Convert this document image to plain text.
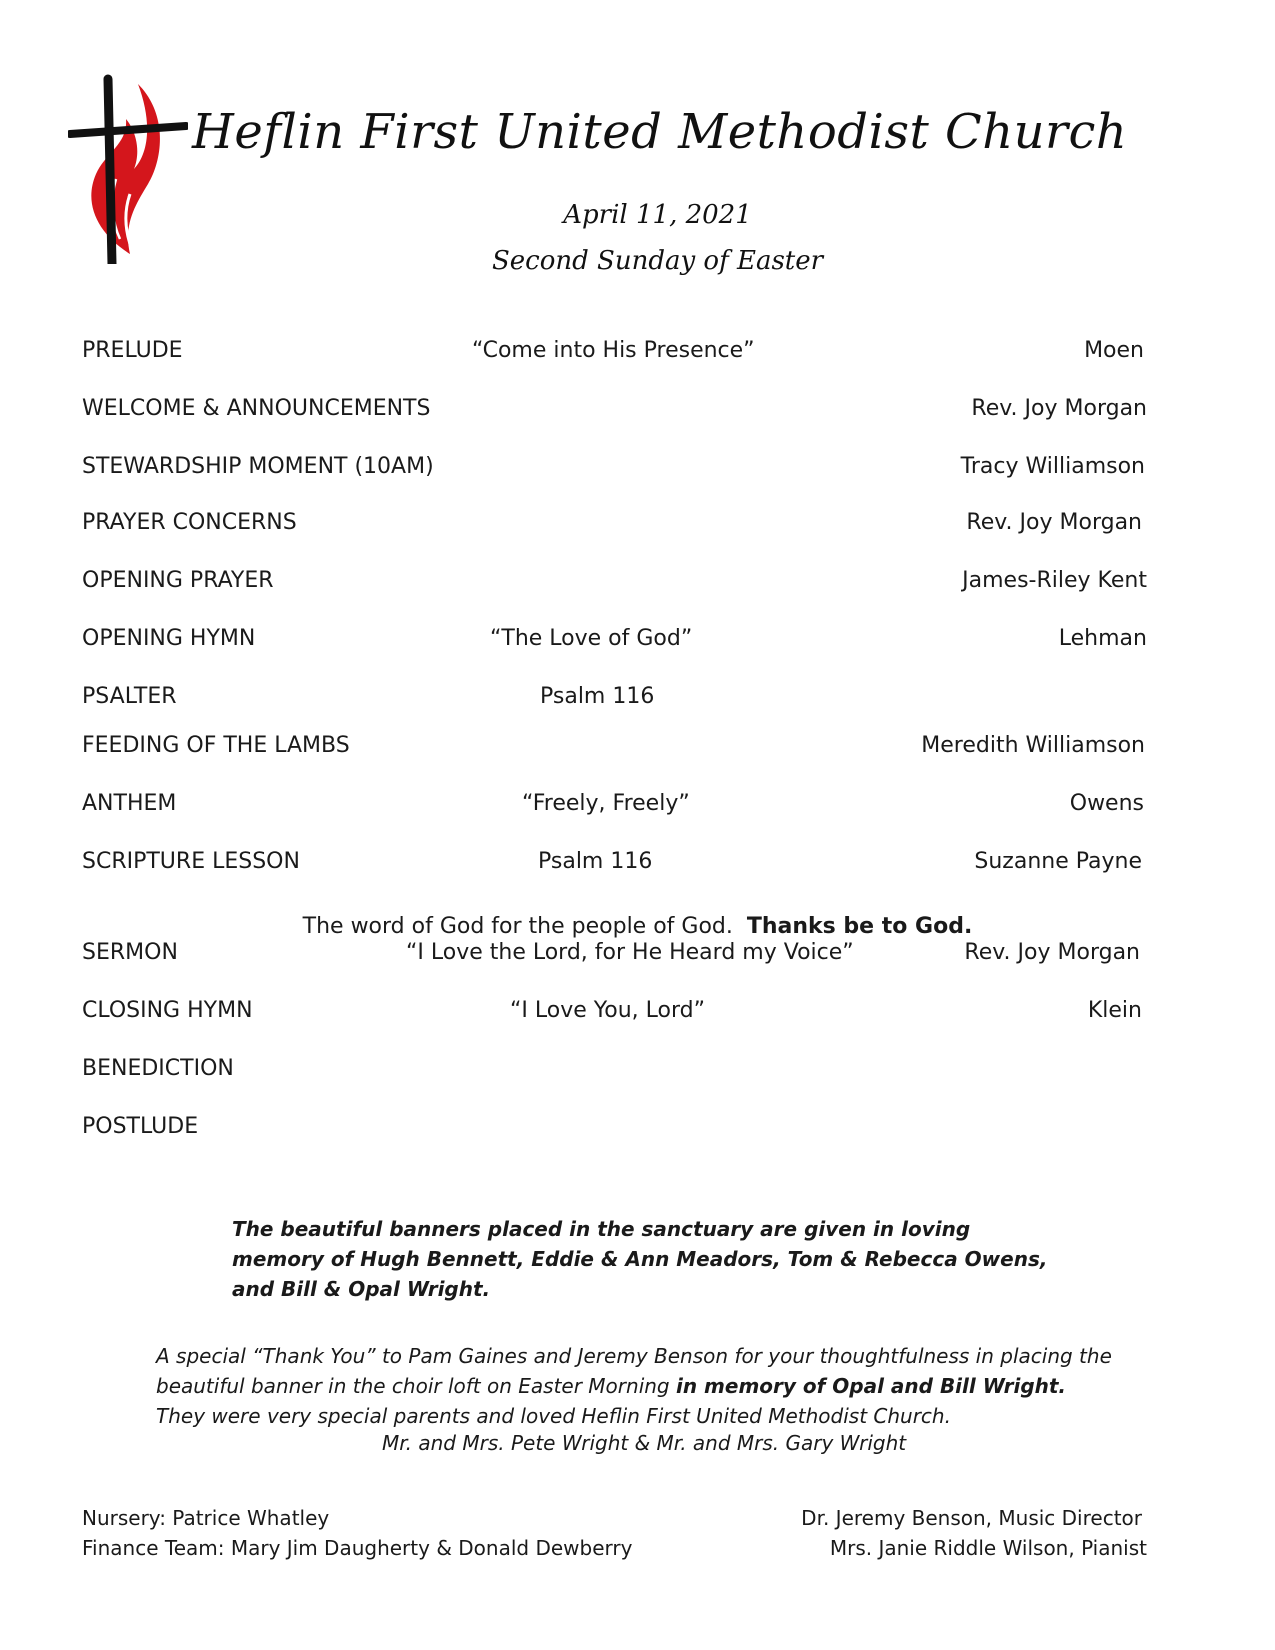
Heflin First United Methodist Church
April 11, 2021
Second Sunday of Easter
PRELUDE	“Come into His Presence”	Moen
WELCOME & ANNOUNCEMENTS	Rev. Joy Morgan
STEWARDSHIP MOMENT (10AM)	Tracy Williamson
PRAYER CONCERNS	Rev. Joy Morgan
OPENING PRAYER	James-Riley Kent
OPENING HYMN	“The Love of God”	Lehman
PSALTER	Psalm 116
FEEDING OF THE LAMBS	Meredith Williamson
ANTHEM	“Freely, Freely”	Owens
SCRIPTURE LESSON	Psalm 116	Suzanne Payne
The word of God for the people of God. Thanks be to God.
SERMON	“I Love the Lord, for He Heard my Voice”	Rev. Joy Morgan
CLOSING HYMN	“I Love You, Lord”	Klein
BENEDICTION
POSTLUDE
The beautiful banners placed in the sanctuary are given in loving memory of Hugh Bennett, Eddie & Ann Meadors, Tom & Rebecca Owens, and Bill & Opal Wright.
A special “Thank You” to Pam Gaines and Jeremy Benson for your thoughtfulness in placing the beautiful banner in the choir loft on Easter Morning in memory of Opal and Bill Wright.
They were very special parents and loved Heflin First United Methodist Church.
Mr. and Mrs. Pete Wright & Mr. and Mrs. Gary Wright
Nursery: Patrice Whatley
Finance Team: Mary Jim Daugherty & Donald Dewberry
Dr. Jeremy Benson, Music Director
Mrs. Janie Riddle Wilson, Pianist
